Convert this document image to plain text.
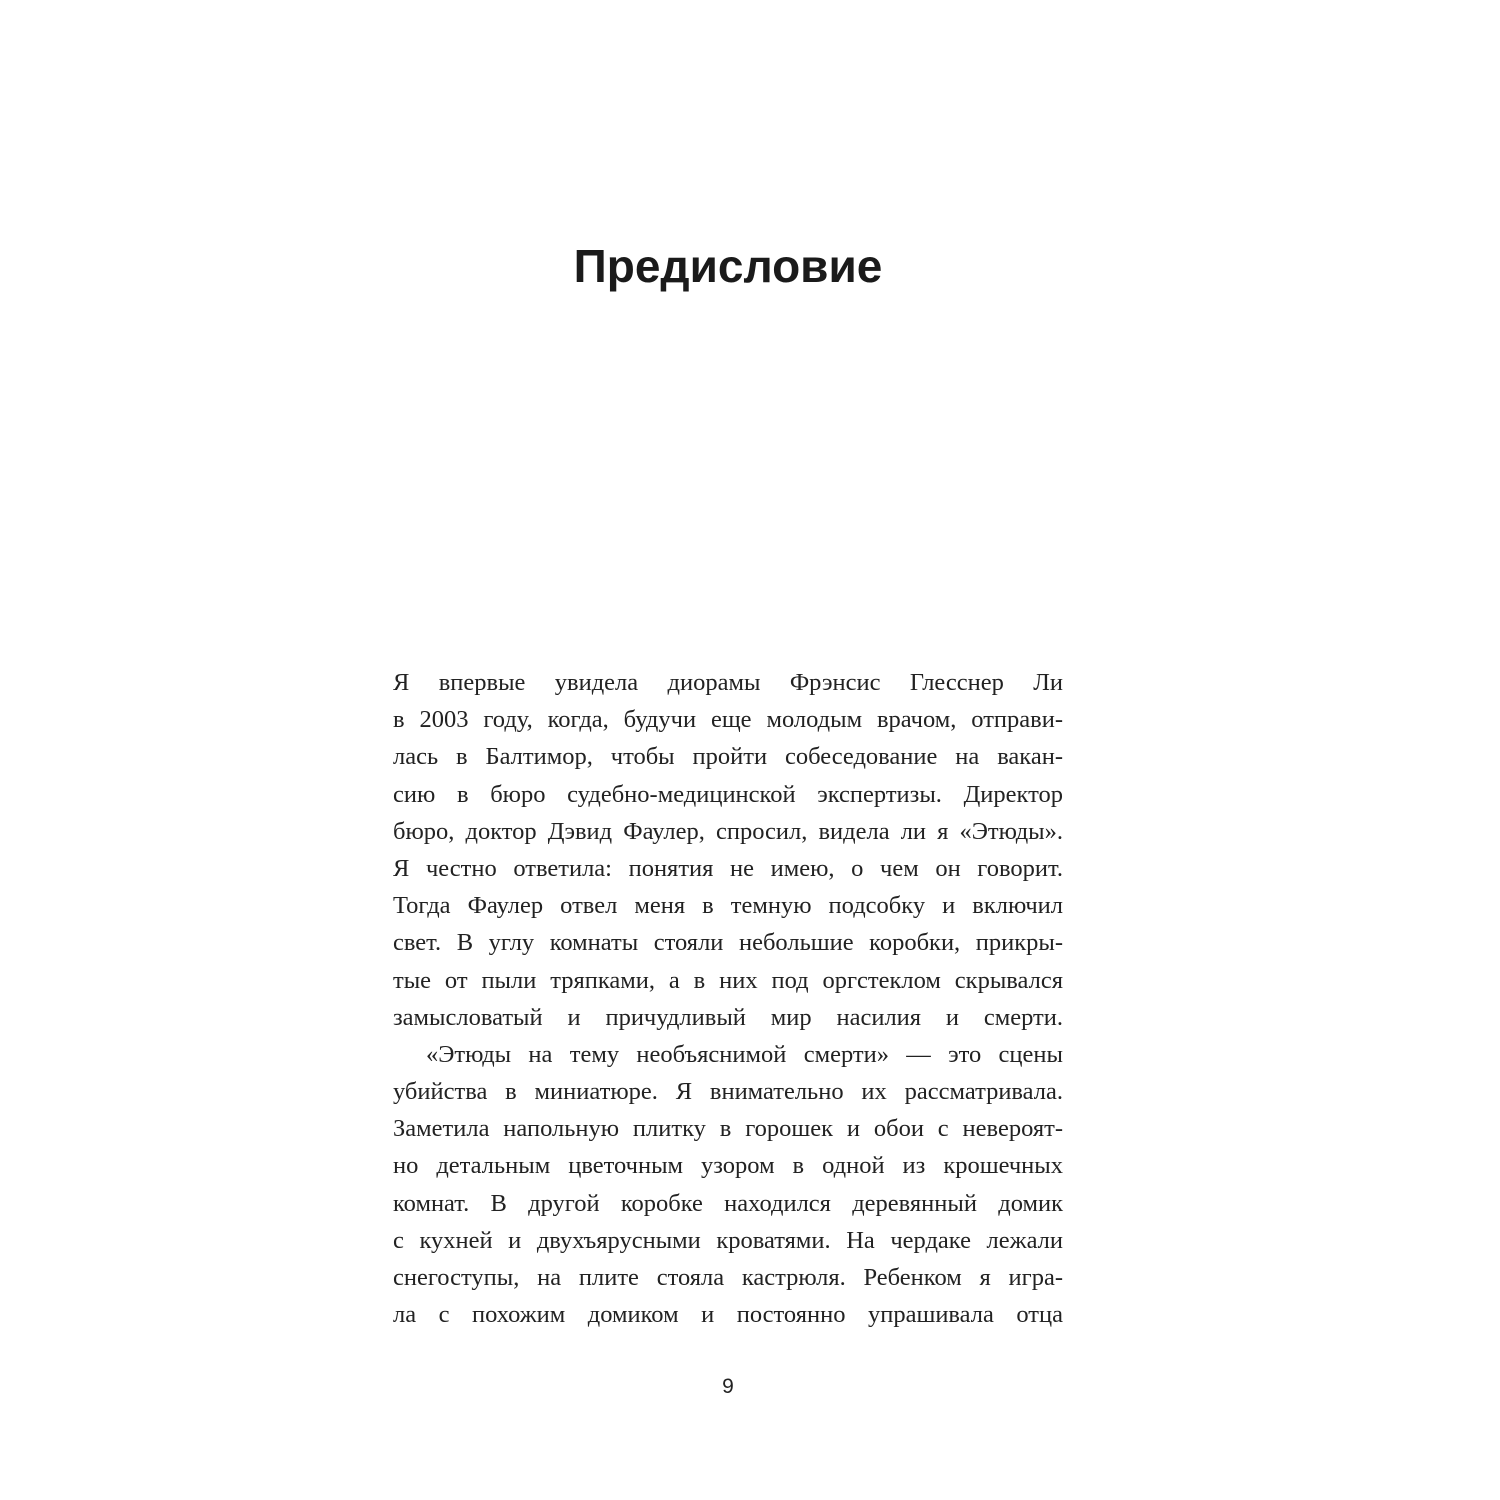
Предисловие
Я впервые увидела диорамы Фрэнсис Глесснер Ли
в 2003 году, когда, будучи еще молодым врачом, отправи-
лась в Балтимор, чтобы пройти собеседование на вакан-
сию в бюро судебно-медицинской экспертизы. Директор
бюро, доктор Дэвид Фаулер, спросил, видела ли я «Этюды».
Я честно ответила: понятия не имею, о чем он говорит.
Тогда Фаулер отвел меня в темную подсобку и включил
свет. В углу комнаты стояли небольшие коробки, прикры-
тые от пыли тряпками, а в них под оргстеклом скрывался
замысловатый и причудливый мир насилия и смерти.
«Этюды на тему необъяснимой смерти» — это сцены
убийства в миниатюре. Я внимательно их рассматривала.
Заметила напольную плитку в горошек и обои с невероят-
но детальным цветочным узором в одной из крошечных
комнат. В другой коробке находился деревянный домик
с кухней и двухъярусными кроватями. На чердаке лежали
снегоступы, на плите стояла кастрюля. Ребенком я игра-
ла с похожим домиком и постоянно упрашивала отца
9
